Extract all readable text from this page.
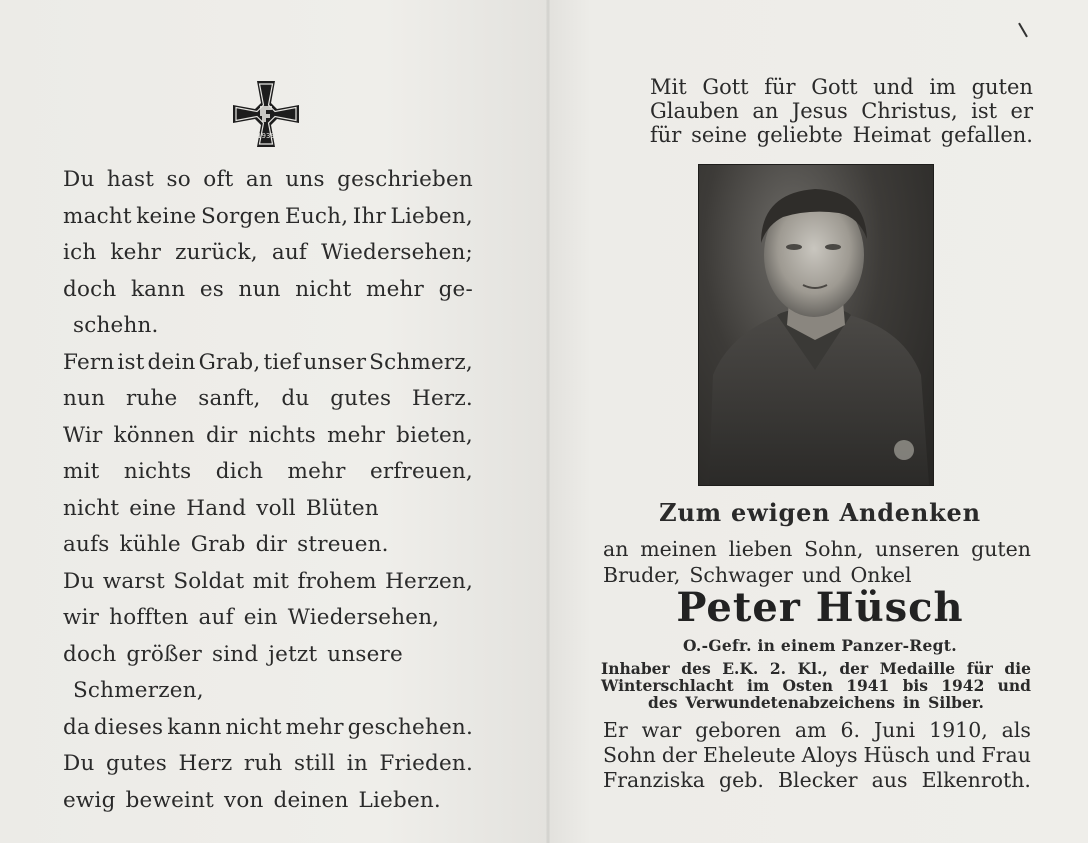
1939
Du hast so oft an uns geschrieben
macht keine Sorgen Euch, Ihr Lieben,
ich kehr zurück, auf Wiedersehen;
doch kann es nun nicht mehr ge-
schehn.
Fern ist dein Grab, tief unser Schmerz,
nun ruhe sanft, du gutes Herz.
Wir können dir nichts mehr bieten,
mit nichts dich mehr erfreuen,
nicht eine Hand voll Blüten
aufs kühle Grab dir streuen.
Du warst Soldat mit frohem Herzen,
wir hofften auf ein Wiedersehen,
doch größer sind jetzt unsere
Schmerzen,
da dieses kann nicht mehr geschehen.
Du gutes Herz ruh still in Frieden.
ewig beweint von deinen Lieben.
Mit Gott für Gott und im guten
Glauben an Jesus Christus, ist er
für seine geliebte Heimat gefallen.
Zum ewigen Andenken
an meinen lieben Sohn, unseren guten
Bruder, Schwager und Onkel
Peter Hüsch
O.-Gefr. in einem Panzer-Regt.
Inhaber des E.K. 2. Kl., der Medaille für die
Winterschlacht im Osten 1941 bis 1942 und
des Verwundetenabzeichens in Silber.
Er war geboren am 6. Juni 1910, als
Sohn der Eheleute Aloys Hüsch und Frau
Franziska geb. Blecker aus Elkenroth.
